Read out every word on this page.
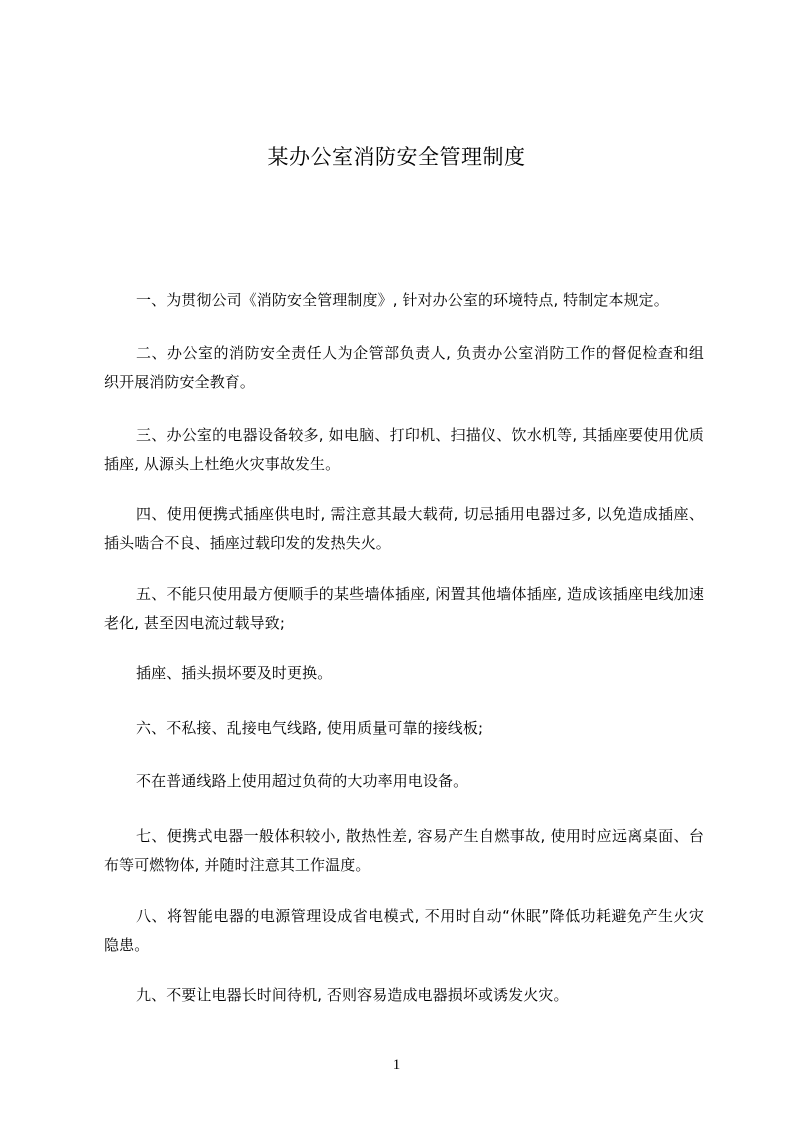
某办公室消防安全管理制度

一、为贯彻公司《消防安全管理制度》, 针对办公室的环境特点, 特制定本规定。

二、办公室的消防安全责任人为企管部负责人, 负责办公室消防工作的督促检查和组织开展消防安全教育。

三、办公室的电器设备较多, 如电脑、打印机、扫描仪、饮水机等, 其插座要使用优质插座, 从源头上杜绝火灾事故发生。

四、使用便携式插座供电时, 需注意其最大载荷, 切忌插用电器过多, 以免造成插座、插头啮合不良、插座过载印发的发热失火。

五、不能只使用最方便顺手的某些墙体插座, 闲置其他墙体插座, 造成该插座电线加速老化, 甚至因电流过载导致;

插座、插头损坏要及时更换。

六、不私接、乱接电气线路, 使用质量可靠的接线板;

不在普通线路上使用超过负荷的大功率用电设备。

七、便携式电器一般体积较小, 散热性差, 容易产生自燃事故, 使用时应远离桌面、台布等可燃物体, 并随时注意其工作温度。

八、将智能电器的电源管理设成省电模式, 不用时自动“休眠”降低功耗避免产生火灾隐患。

九、不要让电器长时间待机, 否则容易造成电器损坏或诱发火灾。

1
